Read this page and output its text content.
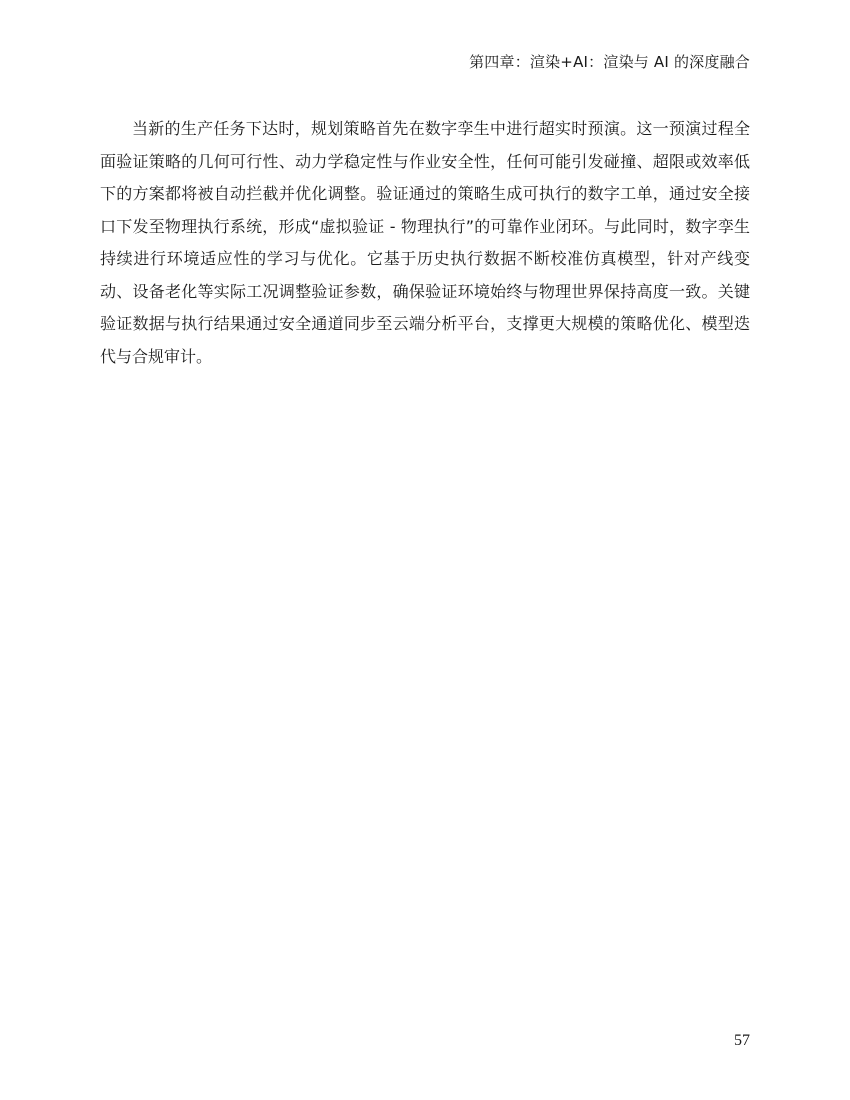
第四章：渲染+AI：渲染与 AI 的深度融合

当新的生产任务下达时，规划策略首先在数字孪生中进行超实时预演。这一预演过程全面验证策略的几何可行性、动力学稳定性与作业安全性，任何可能引发碰撞、超限或效率低下的方案都将被自动拦截并优化调整。验证通过的策略生成可执行的数字工单，通过安全接口下发至物理执行系统，形成“虚拟验证 - 物理执行”的可靠作业闭环。与此同时，数字孪生持续进行环境适应性的学习与优化。它基于历史执行数据不断校准仿真模型，针对产线变动、设备老化等实际工况调整验证参数，确保验证环境始终与物理世界保持高度一致。关键验证数据与执行结果通过安全通道同步至云端分析平台，支撑更大规模的策略优化、模型迭代与合规审计。

57
